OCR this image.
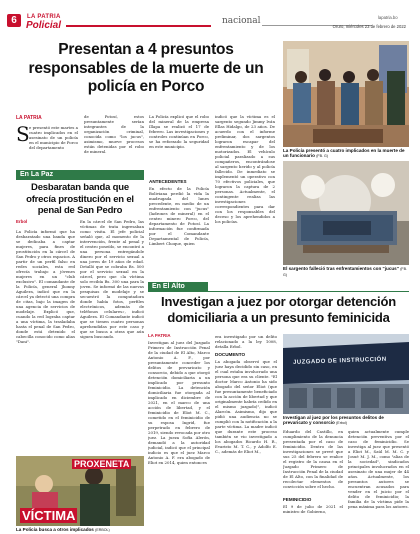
6	LA PATRIA
Policial	nacional	lapatria.bo
Oruro, miércoles 23 de febrero de 2022
Presentan a 4 presuntos responsables de la muerte de un policía en Porco
LA PATRIA
S e presentó este martes a cuatro implicados en el asesinato de un policía en el municipio de Porco del departamento
de Potosí, estos presuntamente serían integrantes de la organización criminal, conocida como "los jucus", asimismo, mueve procesos están detenidas por el robo de mineral.
La Policía explicó que el robo del mineral de la empresa Illapa se realizó el 17 de febrero. Las investigaciones y controles continúan en Porco, se ha reforzado la seguridad en este municipio.
ANTECEDENTES
En efecto de la Policía Boliviana perdió la vida la madrugada del lunes precedente, en medio de un enfrentamiento con "jucus" (ladrones de mineral) en el centro minero Porco, del departamento de Potosí. La información fue confirmada por el Comandante Departamental de Policía, Limbert Choque, quien
indicó que la víctima es el sargento segundo Jimmy Iván Ellas Hidalgo, de 23 años. De acuerdo con el informe preliminar, dos sargentos lograron escapar del enfrentamiento y de los motorizados. El vehículo policial paralizado a sus compañeros, encontrándose al sargento herido y al policía fallecido. De inmediato se implementó un operativo con 70 efectivos policiales, que lograron la captura de 2 personas. Actualmente, el contingente realiza las investigaciones correspondientes para dar con los responsables del deceso y los aprehendidos a los policías.
La Policía presentó a cuatro implicados en la muerte de un funcionario (FB. G)
El sargento falleció tras enfrentamientos con "jucus" (FB. G)
En La Paz
Desbaratan banda que ofrecía prostitución en el penal de San Pedro
Erbol
La Policía informó que ha desbaratado una banda que se dedicaba a captar mujeres, para fines de prostitución en la cárcel de San Pedro y otros espacios. A partir de un perfil falso en redes sociales, esta red ofrecía trabajo a jóvenes mujeres en un "club exclusivo". El comandante de la Policía, general Jhonny Aguilera, indicó que en la cárcel ya detectó una compra de citas, bajo la imagen de una agencia de servicios de modelaje. Explicó que, cuando la red lograba captar a una víctima, la trasladaba hasta el penal de San Pedro, donde está detenido el cabecilla conocido como alias "Dani".
En la cárcel de San Pedro, las víctimas de trata ingresaban como visita. El jefe policial señaló que, al momento de la intervención, frente al penal y el centro poseído, se encontró a una persona entregándole dinero por el servicio sexual a una joven de 19 años de edad. Detalló que se cobraba Bs. 500 por el servicio sexual en la cárcel, pero que «la víctima solo recibía Bs. 300 una para la joven. Se informó de las nuevas pesquisas de modelaje y se secuestró la computadora donde había fotos, perfiles electrónicos, además de teléfonos celulares», indicó Aguilera. El Comandante indicó que se tienen cuatro personas aprehendidas por este caso y que se busca a otras que aún siguen buscando.
PROXENETA
VÍCTIMA
La Policía busca a otros implicados (ERBOL)
En El Alto
Investigan a juez por otorgar detención domiciliaria a un presunto feminicida
LA PATRIA
Investigan al juez del Juzgado Primero de Instrucción Penal de la ciudad de El Alto, Marco Antonio A. F., por presuntamente conceder los delitos de prevaricato y consorcio, debido a que otorgó detención domiciliaria a un implicado por presunto feminicidio. La detención domiciliaria fue otorgada al implicado en diciembre de 2021, en el marco de una acción de libertad, y el feminicidio de Eliot M. C., cometido en el feminicidio de su esposa Ingrid, fue perpetrado en febrero de 2019, siendo revocada por otro juez. La jueza Sofía Alerón, demandó a la autoridad judicial, indicó que el principal indicio es que el juez Marco Antonio A. F. era abogado de Eliot en 2014, quien entonces
era investigado por un delito relacionado a la ley 1008, detalla Erbol.
DOCUMENTO
La abogada observó que el juez haya decidido sin caso, en el cual estaba involucrado una persona que era su cliente. "El doctor Marco Antonio ha sido abogado del señor Eliot (que fue presuntamente beneficiado con la acción de libertad y que originalmente habría cedido en el mismo juzgado)", indicó Alarcón. Asimismo, dijo que pidió una audiencia no se cumplió con la notificación a la parte víctima. La madre indicó que durante este proceso también se vio investigado a los abogados Ricardo H. R., Evaristo M. T. C., y Adolfo E. C., además de Eliot M.,
JUZGADO DE INSTRUCCIÓN
Investigan al juez por los presuntos delitos de prevaricato y consorcio (Erbol)
Eduardo del Castillo, en cumplimiento de la denuncia presentada por el caso de feminicidio. Dentro de las investigaciones se prevé que sus 25 del febrero se realice el registro de la causa en el Juzgado Primero de Instrucción Penal de la ciudad de El Alto, con la finalidad de recolectar elementos de convicción sobre el hecho.
FEMINICIDIO
El 9 de julio de 2021 el ministro de Gobierno,
quien actualmente cumple detención preventiva por el caso de feminicidio. Se investiga al juez que presentó a Eliot M., Saúl M. M. C. y Josué M. J. M., como "alias de la sociedad", sindicados principales involucrados en el asesinato de una mujer de 44 años. Actualmente, los presuntos autores se encuentran acusados para vender en el juicio por el delito de feminicidio; la familia de la víctima pide la pena máxima para los autores.
